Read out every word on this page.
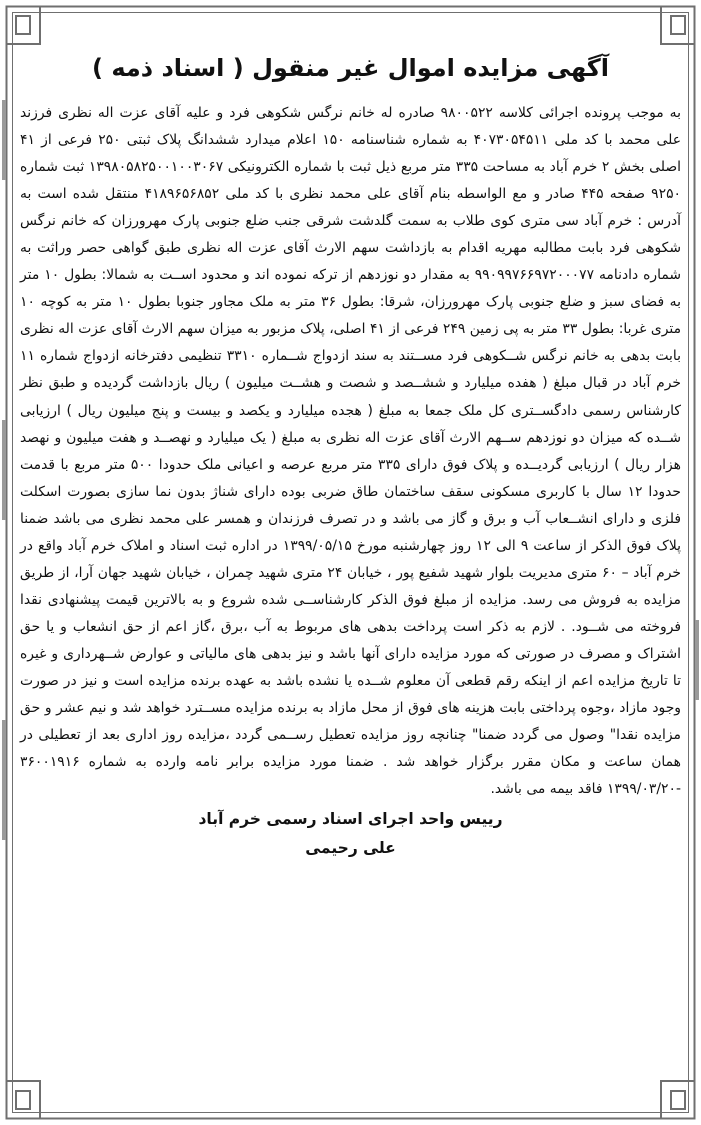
آگهی مزایده اموال غیر منقول ( اسناد ذمه )
به موجب پرونده اجرائی کلاسه ۹۸۰۰۵۲۲ صادره له خانم نرگس شکوهی فرد و علیه آقای عزت اله نظری فرزند علی محمد با کد ملی ۴۰۷۳۰۵۴۵۱۱ به شماره شناسنامه ۱۵۰ اعلام میدارد ششدانگ پلاک ثبتی ۲۵۰ فرعی از ۴۱ اصلی بخش ۲ خرم آباد به مساحت ۳۳۵ متر مربع ذیل ثبت با شماره الکترونیکی ۱۳۹۸۰۵۸۲۵۰۰۱۰۰۳۰۶۷ ثبت شماره ۹۲۵۰ صفحه ۴۴۵ صادر و مع الواسطه بنام آقای علی محمد نظری با کد ملی ۴۱۸۹۶۵۶۸۵۲ منتقل شده است به آدرس : خرم آباد سی متری کوی طلاب به سمت گلدشت شرقی جنب ضلع جنوبی پارک مهرورزان که خانم نرگس شکوهی فرد بابت مطالبه مهریه اقدام به بازداشت سهم الارث آقای عزت اله نظری طبق گواهی حصر وراثت به شماره دادنامه ۹۹۰۹۹۷۶۶۹۷۲۰۰۰۷۷ به مقدار دو نوزدهم از ترکه نموده اند و محدود اســت به شمالا: بطول ۱۰ متر به فضای سبز و ضلع جنوبی پارک مهرورزان، شرقا: بطول ۳۶ متر به ملک مجاور جنوبا بطول ۱۰ متر به کوچه ۱۰ متری غربا: بطول ۳۳ متر به پی زمین ۲۴۹ فرعی از ۴۱ اصلی، پلاک مزبور به میزان سهم الارث آقای عزت اله نظری بابت بدهی به خانم نرگس شــکوهی فرد مســتند به سند ازدواج شــماره ۳۳۱۰ تنظیمی دفترخانه ازدواج شماره ۱۱ خرم آباد در قبال مبلغ ( هفده میلیارد و ششــصد و شصت و هشــت میلیون ) ریال بازداشت گردیده و طبق نظر کارشناس رسمی دادگســتری کل ملک جمعا به مبلغ ( هجده میلیارد و یکصد و بیست و پنج میلیون ریال ) ارزیابی شــده که میزان دو نوزدهم ســهم الارث آقای عزت اله نظری به مبلغ ( یک میلیارد و نهصــد و هفت میلیون و نهصد هزار ریال ) ارزیابی گردیــده و پلاک فوق دارای ۳۳۵ متر مربع عرصه و اعیانی ملک حدودا ۵۰۰ متر مربع با قدمت حدودا ۱۲ سال با کاربری مسکونی سقف ساختمان طاق ضربی بوده دارای شناژ بدون نما سازی بصورت اسکلت فلزی و دارای انشــعاب آب و برق و گاز می باشد و در تصرف فرزندان و همسر علی محمد نظری می باشد ضمنا پلاک فوق الذکر از ساعت ۹ الی ۱۲ روز چهارشنبه مورخ ۱۳۹۹/۰۵/۱۵ در اداره ثبت اسناد و املاک خرم آباد واقع در خرم آباد – ۶۰ متری مدیریت بلوار شهید شفیع پور ، خیابان ۲۴ متری شهید چمران ، خیابان شهید جهان آرا، از طریق مزایده به فروش می رسد. مزایده از مبلغ فوق الذکر کارشناســی شده شروع و به بالاترین قیمت پیشنهادی نقدا فروخته می شــود. . لازم به ذکر است پرداخت بدهی های مربوط به آب ،برق ،گاز اعم از حق انشعاب و یا حق اشتراک و مصرف در صورتی که مورد مزایده دارای آنها باشد و نیز بدهی های مالیاتی و عوارض شــهرداری و غیره تا تاریخ مزایده اعم از اینکه رقم قطعی آن معلوم شــده یا نشده باشد به عهده برنده مزایده است و نیز در صورت وجود مازاد ،وجوه پرداختی بابت هزینه های فوق از محل مازاد به برنده مزایده مســترد خواهد شد و نیم عشر و حق مزایده نقدا" وصول می گردد ضمنا" چنانچه روز مزایده تعطیل رســمی گردد ،مزایده روز اداری بعد از تعطیلی در همان ساعت و مکان مقرر برگزار خواهد شد . ضمنا مورد مزایده برابر نامه وارده به شماره ۳۶۰۰۱۹۱۶ -۱۳۹۹/۰۳/۲۰ فاقد بیمه می باشد.
رییس واحد اجرای اسناد رسمی خرم آباد
علی رحیمی
